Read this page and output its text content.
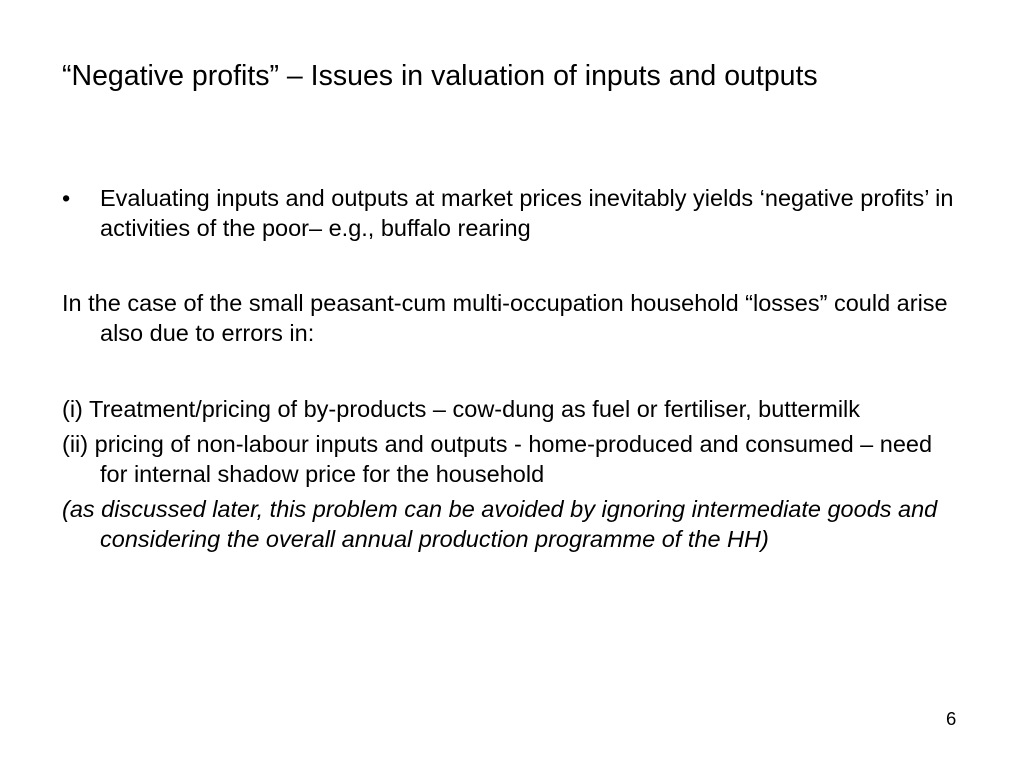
“Negative profits” – Issues in valuation of inputs and outputs
•	Evaluating inputs and outputs at market prices inevitably yields ‘negative profits’ in activities of the poor– e.g., buffalo rearing
In the case of the small peasant-cum multi-occupation household “losses” could arise also due to errors in:
(i) Treatment/pricing of by-products – cow-dung as fuel or fertiliser, buttermilk
(ii) pricing of non-labour inputs and outputs - home-produced and consumed – need for internal shadow price for the household
(as discussed later, this problem can be avoided by ignoring intermediate goods and considering the overall annual production programme of the HH)
6
